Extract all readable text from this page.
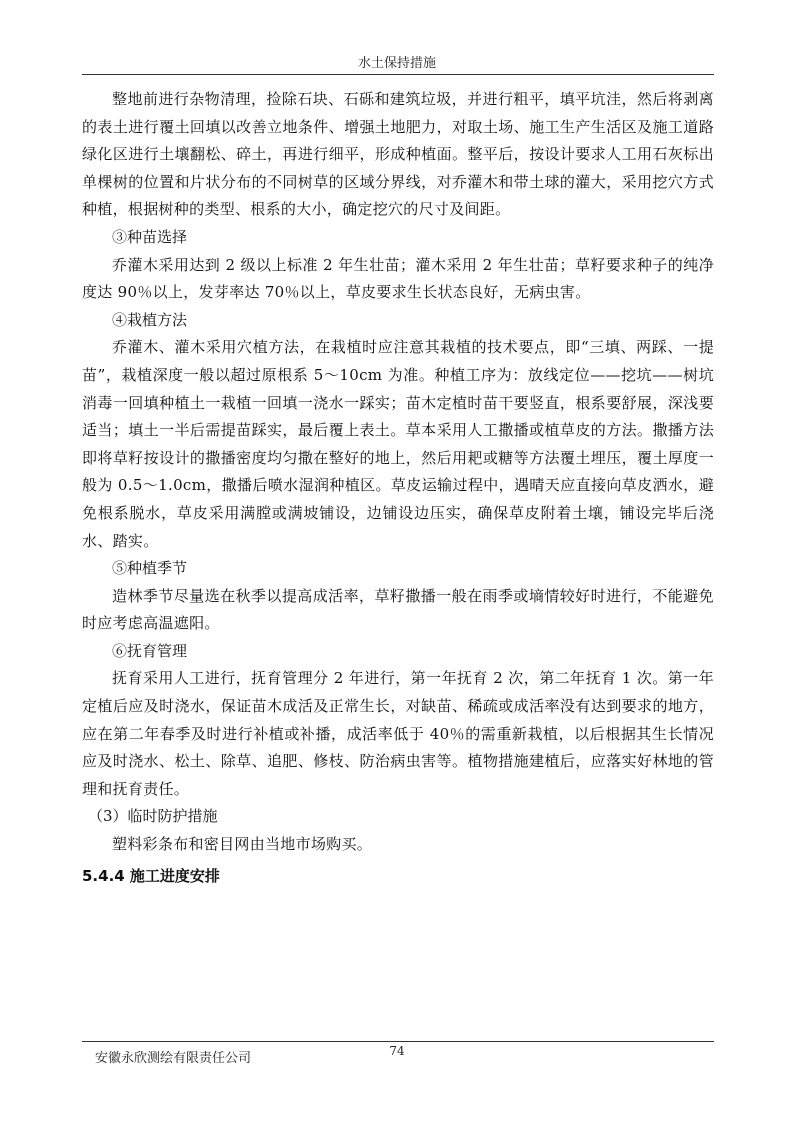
水土保持措施

整地前进行杂物清理，捡除石块、石砾和建筑垃圾，并进行粗平，填平坑洼，然后将剥离的表土进行覆土回填以改善立地条件、增强土地肥力，对取土场、施工生产生活区及施工道路绿化区进行土壤翻松、碎土，再进行细平，形成种植面。整平后，按设计要求人工用石灰标出单棵树的位置和片状分布的不同树草的区域分界线，对乔灌木和带土球的灌大，采用挖穴方式种植，根据树种的类型、根系的大小，确定挖穴的尺寸及间距。

③种苗选择

乔灌木采用达到 2 级以上标准 2 年生壮苗；灌木采用 2 年生壮苗；草籽要求种子的纯净度达 90％以上，发芽率达 70％以上，草皮要求生长状态良好，无病虫害。

④栽植方法

乔灌木、灌木采用穴植方法，在栽植时应注意其栽植的技术要点，即“三填、两踩、一提苗”，栽植深度一般以超过原根系 5～10cm 为准。种植工序为：放线定位——挖坑——树坑消毒一回填种植土一栽植一回填一浇水一踩实；苗木定植时苗干要竖直，根系要舒展，深浅要适当；填土一半后需提苗踩实，最后覆上表土。草本采用人工撒播或植草皮的方法。撒播方法即将草籽按设计的撒播密度均匀撒在整好的地上，然后用耙或糖等方法覆土埋压，覆土厚度一般为 0.5～1.0cm，撒播后喷水湿润种植区。草皮运输过程中，遇晴天应直接向草皮洒水，避免根系脱水，草皮采用满膛或满坡铺设，边铺设边压实，确保草皮附着土壤，铺设完毕后浇水、踏实。

⑤种植季节

造林季节尽量选在秋季以提高成活率，草籽撒播一般在雨季或墒情较好时进行，不能避免时应考虑高温遮阳。

⑥抚育管理

抚育采用人工进行，抚育管理分 2 年进行，第一年抚育 2 次，第二年抚育 1 次。第一年定植后应及时浇水，保证苗木成活及正常生长，对缺苗、稀疏或成活率没有达到要求的地方，应在第二年春季及时进行补植或补播，成活率低于 40％的需重新栽植，以后根据其生长情况应及时浇水、松土、除草、追肥、修枝、防治病虫害等。植物措施建植后，应落实好林地的管理和抚育责任。

（3）临时防护措施

塑料彩条布和密目网由当地市场购买。

5.4.4 施工进度安排

安徽永欣测绘有限责任公司	74
